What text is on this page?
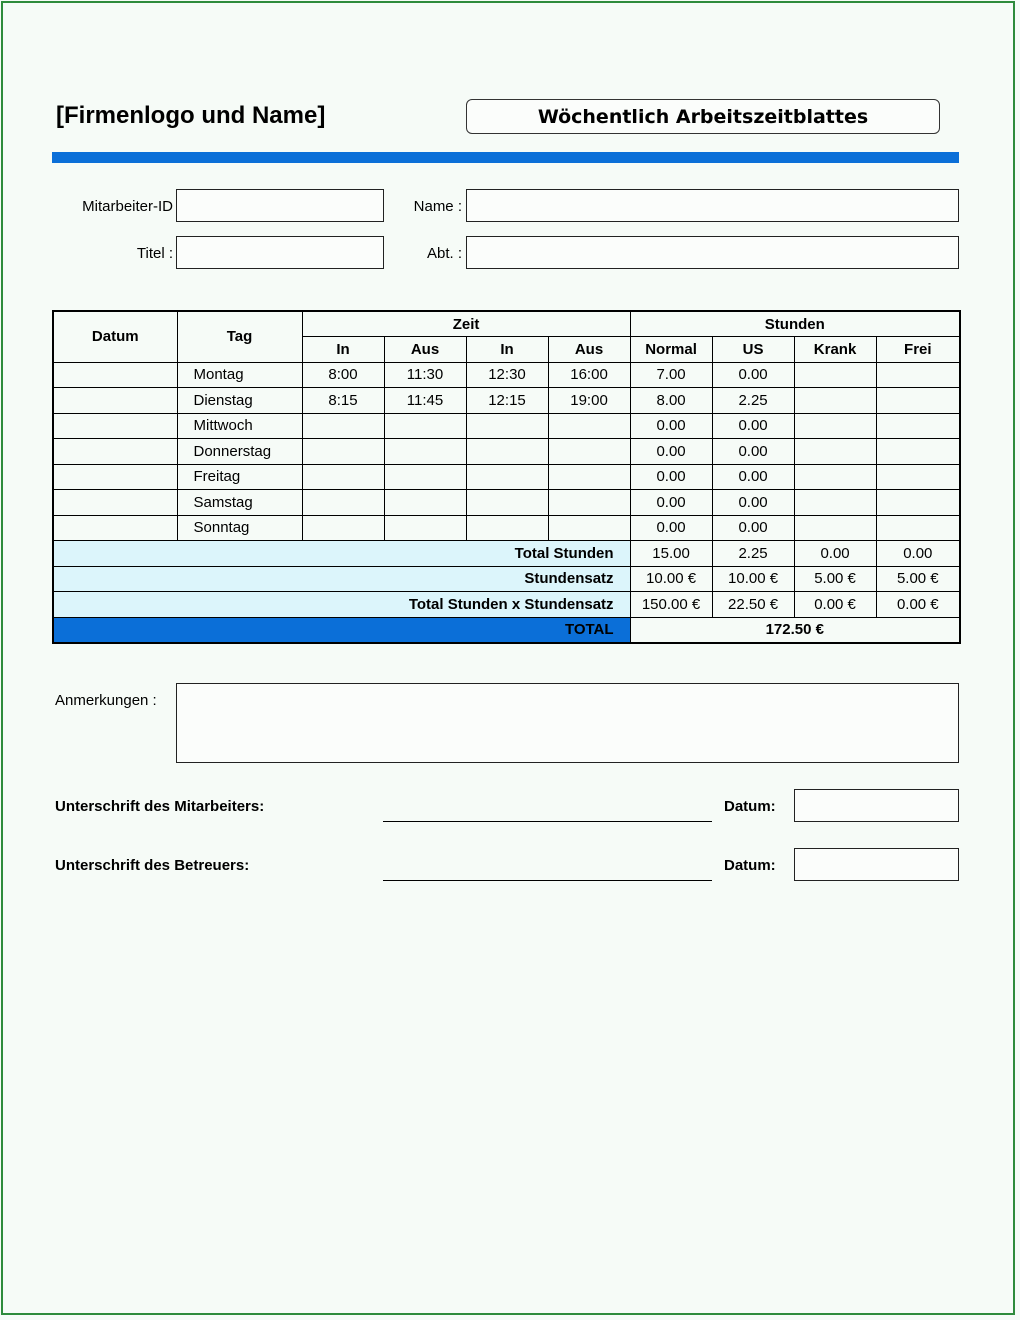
[Firmenlogo und Name]	Wöchentlich Arbeitszeitblattes
Mitarbeiter-ID	Name :
Titel :	Abt. :
Datum	Tag	Zeit				Stunden			
		In	Aus	In	Aus	Normal	US	Krank	Frei
	Montag	8:00	11:30	12:30	16:00	7.00	0.00		
	Dienstag	8:15	11:45	12:15	19:00	8.00	2.25		
	Mittwoch					0.00	0.00		
	Donnerstag					0.00	0.00		
	Freitag					0.00	0.00		
	Samstag					0.00	0.00		
	Sonntag					0.00	0.00		
Total Stunden						15.00	2.25	0.00	0.00
Stundensatz						10.00 €	10.00 €	5.00 €	5.00 €
Total Stunden x Stundensatz						150.00 €	22.50 €	0.00 €	0.00 €
TOTAL						172.50 €			
Anmerkungen :
Unterschrift des Mitarbeiters:	Datum:
Unterschrift des Betreuers:	Datum:
